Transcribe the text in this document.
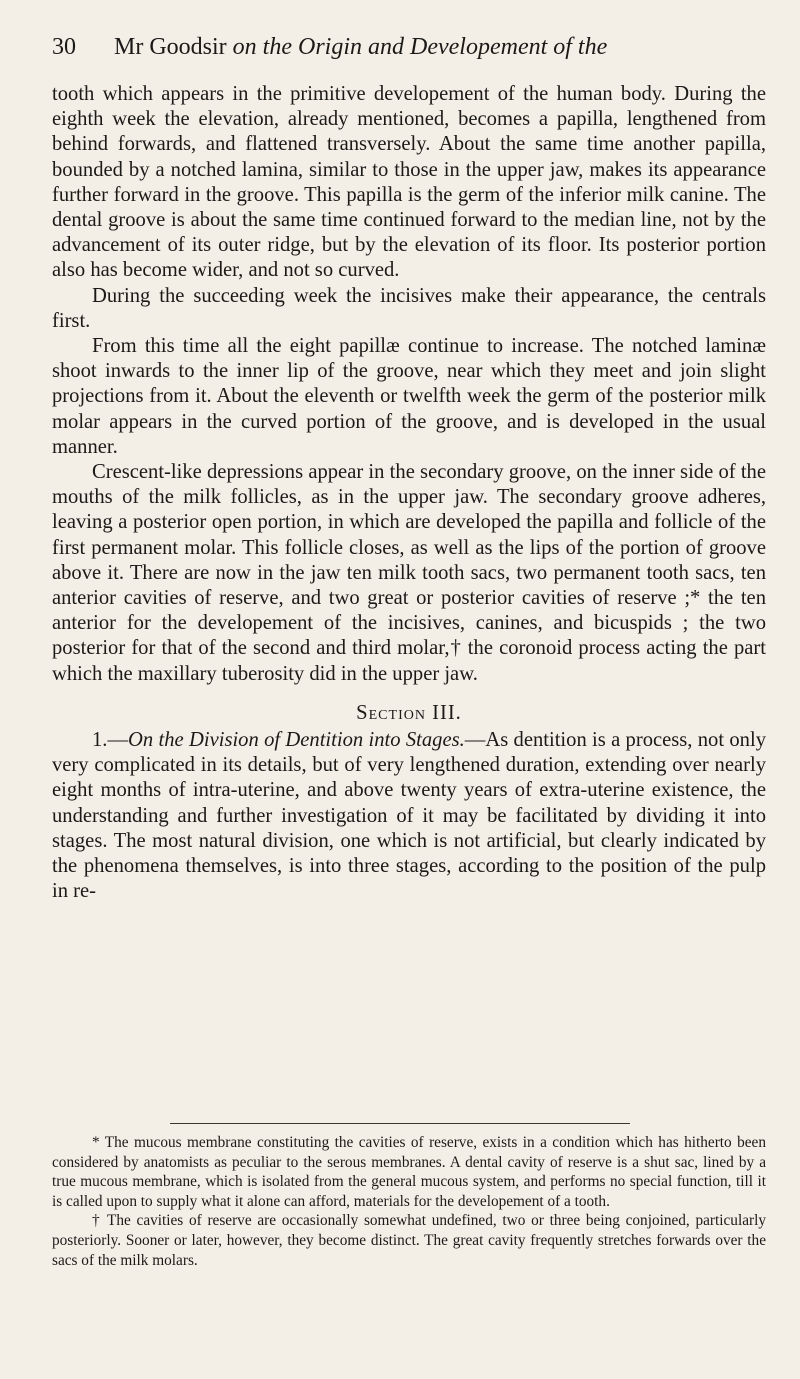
30	Mr Goodsir on the Origin and Developement of the

tooth which appears in the primitive developement of the human body. During the eighth week the elevation, already mentioned, becomes a papilla, lengthened from behind forwards, and flattened transversely. About the same time another papilla, bounded by a notched lamina, similar to those in the upper jaw, makes its appearance further forward in the groove. This papilla is the germ of the inferior milk canine. The dental groove is about the same time continued forward to the median line, not by the advancement of its outer ridge, but by the elevation of its floor. Its posterior portion also has become wider, and not so curved.

During the succeeding week the incisives make their appearance, the centrals first.

From this time all the eight papillæ continue to increase. The notched laminæ shoot inwards to the inner lip of the groove, near which they meet and join slight projections from it. About the eleventh or twelfth week the germ of the posterior milk molar appears in the curved portion of the groove, and is developed in the usual manner.

Crescent-like depressions appear in the secondary groove, on the inner side of the mouths of the milk follicles, as in the upper jaw. The secondary groove adheres, leaving a posterior open portion, in which are developed the papilla and follicle of the first permanent molar. This follicle closes, as well as the lips of the portion of groove above it. There are now in the jaw ten milk tooth sacs, two permanent tooth sacs, ten anterior cavities of reserve, and two great or posterior cavities of reserve ;* the ten anterior for the developement of the incisives, canines, and bicuspids ; the two posterior for that of the second and third molar,† the coronoid process acting the part which the maxillary tuberosity did in the upper jaw.

Section III.

1.—On the Division of Dentition into Stages.—As dentition is a process, not only very complicated in its details, but of very lengthened duration, extending over nearly eight months of intra-uterine, and above twenty years of extra-uterine existence, the understanding and further investigation of it may be facilitated by dividing it into stages. The most natural division, one which is not artificial, but clearly indicated by the phenomena themselves, is into three stages, according to the position of the pulp in re-

* The mucous membrane constituting the cavities of reserve, exists in a condition which has hitherto been considered by anatomists as peculiar to the serous membranes. A dental cavity of reserve is a shut sac, lined by a true mucous membrane, which is isolated from the general mucous system, and performs no special function, till it is called upon to supply what it alone can afford, materials for the developement of a tooth.

† The cavities of reserve are occasionally somewhat undefined, two or three being conjoined, particularly posteriorly. Sooner or later, however, they become distinct. The great cavity frequently stretches forwards over the sacs of the milk molars.
